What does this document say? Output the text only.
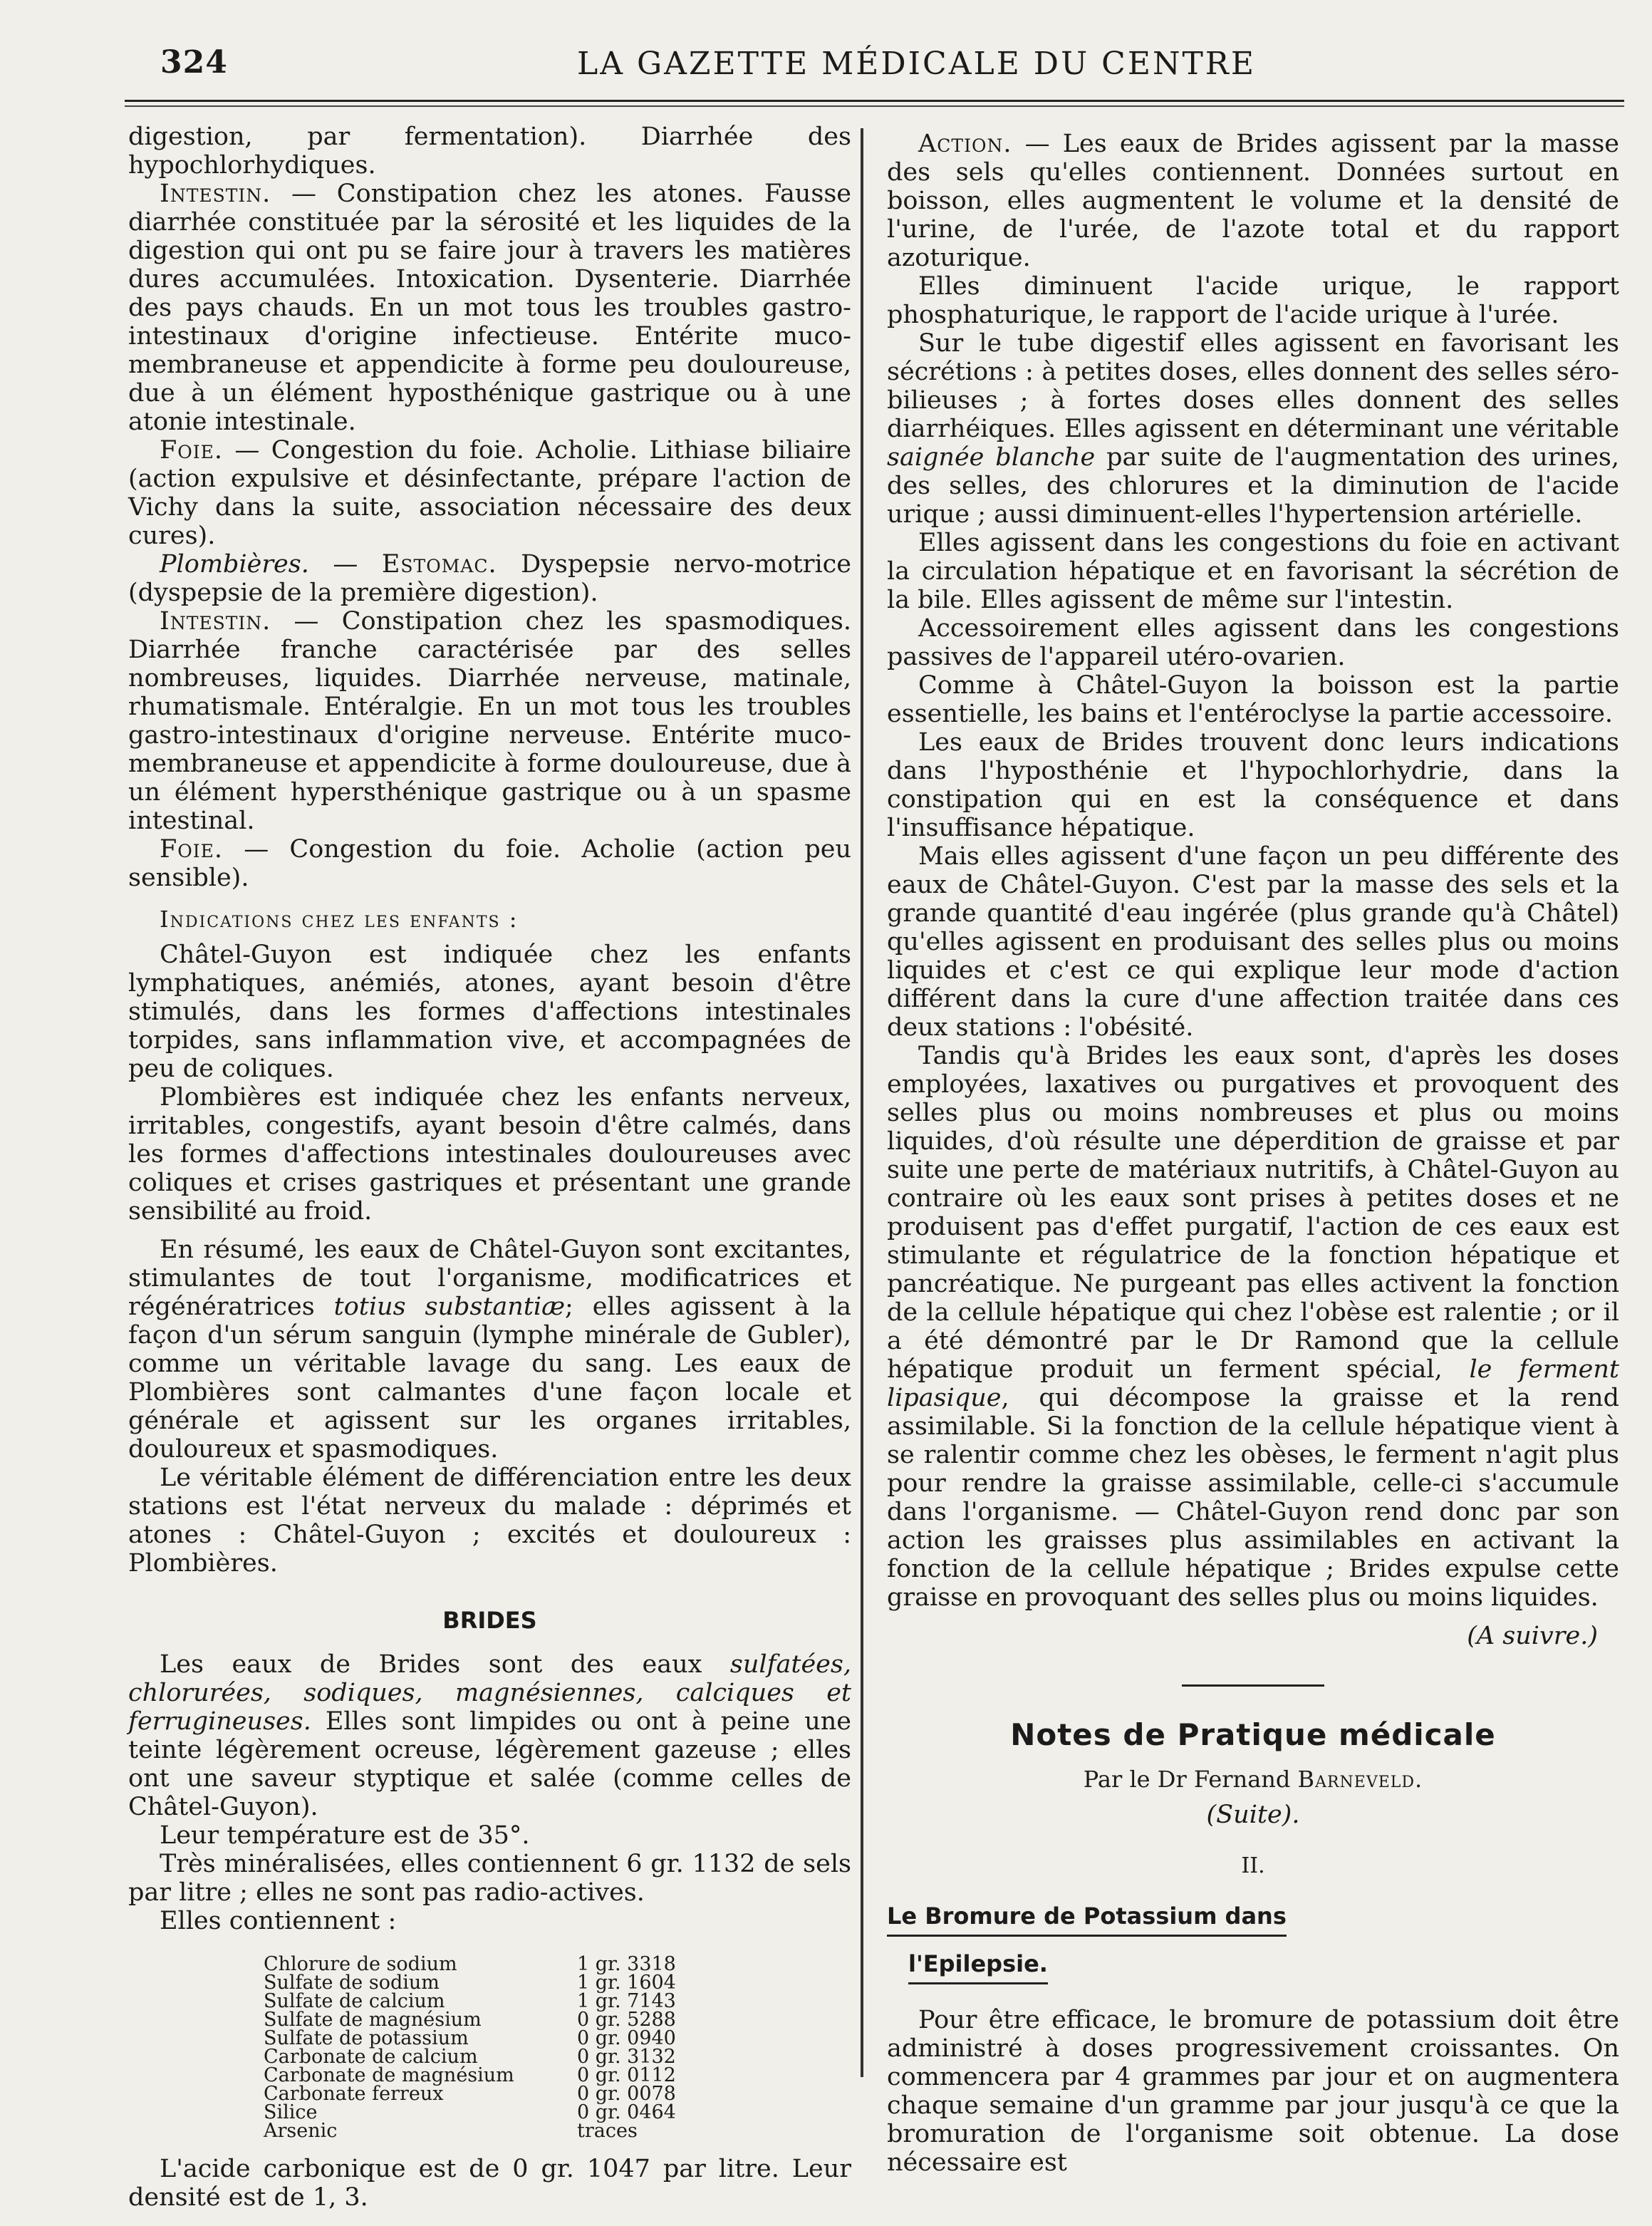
324	LA GAZETTE MÉDICALE DU CENTRE

digestion, par fermentation). Diarrhée des hypochlorhydiques.

Intestin. — Constipation chez les atones. Fausse diarrhée constituée par la sérosité et les liquides de la digestion qui ont pu se faire jour à travers les matières dures accumulées. Intoxication. Dysenterie. Diarrhée des pays chauds. En un mot tous les troubles gastro-intestinaux d'origine infectieuse. Entérite muco-membraneuse et appendicite à forme peu douloureuse, due à un élément hyposthénique gastrique ou à une atonie intestinale.

Foie. — Congestion du foie. Acholie. Lithiase biliaire (action expulsive et désinfectante, prépare l'action de Vichy dans la suite, association nécessaire des deux cures).

Plombières. — Estomac. Dyspepsie nervo-motrice (dyspepsie de la première digestion).

Intestin. — Constipation chez les spasmodiques. Diarrhée franche caractérisée par des selles nombreuses, liquides. Diarrhée nerveuse, matinale, rhumatismale. Entéralgie. En un mot tous les troubles gastro-intestinaux d'origine nerveuse. Entérite muco-membraneuse et appendicite à forme douloureuse, due à un élément hypersthénique gastrique ou à un spasme intestinal.

Foie. — Congestion du foie. Acholie (action peu sensible).

Indications chez les enfants :

Châtel-Guyon est indiquée chez les enfants lymphatiques, anémiés, atones, ayant besoin d'être stimulés, dans les formes d'affections intestinales torpides, sans inflammation vive, et accompagnées de peu de coliques.

Plombières est indiquée chez les enfants nerveux, irritables, congestifs, ayant besoin d'être calmés, dans les formes d'affections intestinales douloureuses avec coliques et crises gastriques et présentant une grande sensibilité au froid.

En résumé, les eaux de Châtel-Guyon sont excitantes, stimulantes de tout l'organisme, modificatrices et régénératrices totius substantiæ; elles agissent à la façon d'un sérum sanguin (lymphe minérale de Gubler), comme un véritable lavage du sang. Les eaux de Plombières sont calmantes d'une façon locale et générale et agissent sur les organes irritables, douloureux et spasmodiques.

Le véritable élément de différenciation entre les deux stations est l'état nerveux du malade : déprimés et atones : Châtel-Guyon ; excités et douloureux : Plombières.

BRIDES

Les eaux de Brides sont des eaux sulfatées, chlorurées, sodiques, magnésiennes, calciques et ferrugineuses. Elles sont limpides ou ont à peine une teinte légèrement ocreuse, légèrement gazeuse ; elles ont une saveur styptique et salée (comme celles de Châtel-Guyon).

Leur température est de 35°.

Très minéralisées, elles contiennent 6 gr. 1132 de sels par litre ; elles ne sont pas radio-actives.

Elles contiennent :

Chlorure de sodium	1 gr. 3318
Sulfate de sodium	1 gr. 1604
Sulfate de calcium	1 gr. 7143
Sulfate de magnésium	0 gr. 5288
Sulfate de potassium	0 gr. 0940
Carbonate de calcium	0 gr. 3132
Carbonate de magnésium	0 gr. 0112
Carbonate ferreux	0 gr. 0078
Silice	0 gr. 0464
Arsenic	traces

L'acide carbonique est de 0 gr. 1047 par litre. Leur densité est de 1, 3.

Action. — Les eaux de Brides agissent par la masse des sels qu'elles contiennent. Données surtout en boisson, elles augmentent le volume et la densité de l'urine, de l'urée, de l'azote total et du rapport azoturique.

Elles diminuent l'acide urique, le rapport phosphaturique, le rapport de l'acide urique à l'urée.

Sur le tube digestif elles agissent en favorisant les sécrétions : à petites doses, elles donnent des selles séro-bilieuses ; à fortes doses elles donnent des selles diarrhéiques. Elles agissent en déterminant une véritable saignée blanche par suite de l'augmentation des urines, des selles, des chlorures et la diminution de l'acide urique ; aussi diminuent-elles l'hypertension artérielle.

Elles agissent dans les congestions du foie en activant la circulation hépatique et en favorisant la sécrétion de la bile. Elles agissent de même sur l'intestin.

Accessoirement elles agissent dans les congestions passives de l'appareil utéro-ovarien.

Comme à Châtel-Guyon la boisson est la partie essentielle, les bains et l'entéroclyse la partie accessoire.

Les eaux de Brides trouvent donc leurs indications dans l'hyposthénie et l'hypochlorhydrie, dans la constipation qui en est la conséquence et dans l'insuffisance hépatique.

Mais elles agissent d'une façon un peu différente des eaux de Châtel-Guyon. C'est par la masse des sels et la grande quantité d'eau ingérée (plus grande qu'à Châtel) qu'elles agissent en produisant des selles plus ou moins liquides et c'est ce qui explique leur mode d'action différent dans la cure d'une affection traitée dans ces deux stations : l'obésité.

Tandis qu'à Brides les eaux sont, d'après les doses employées, laxatives ou purgatives et provoquent des selles plus ou moins nombreuses et plus ou moins liquides, d'où résulte une déperdition de graisse et par suite une perte de matériaux nutritifs, à Châtel-Guyon au contraire où les eaux sont prises à petites doses et ne produisent pas d'effet purgatif, l'action de ces eaux est stimulante et régulatrice de la fonction hépatique et pancréatique. Ne purgeant pas elles activent la fonction de la cellule hépatique qui chez l'obèse est ralentie ; or il a été démontré par le Dr Ramond que la cellule hépatique produit un ferment spécial, le ferment lipasique, qui décompose la graisse et la rend assimilable. Si la fonction de la cellule hépatique vient à se ralentir comme chez les obèses, le ferment n'agit plus pour rendre la graisse assimilable, celle-ci s'accumule dans l'organisme. — Châtel-Guyon rend donc par son action les graisses plus assimilables en activant la fonction de la cellule hépatique ; Brides expulse cette graisse en provoquant des selles plus ou moins liquides.

(A suivre.)
Notes de Pratique médicale
Par le Dr Fernand Barneveld.
(Suite).
II.
Le Bromure de Potassium dans
l'Epilepsie.

Pour être efficace, le bromure de potassium doit être administré à doses progressivement croissantes. On commencera par 4 grammes par jour et on augmentera chaque semaine d'un gramme par jour jusqu'à ce que la bromuration de l'organisme soit obtenue. La dose nécessaire est
